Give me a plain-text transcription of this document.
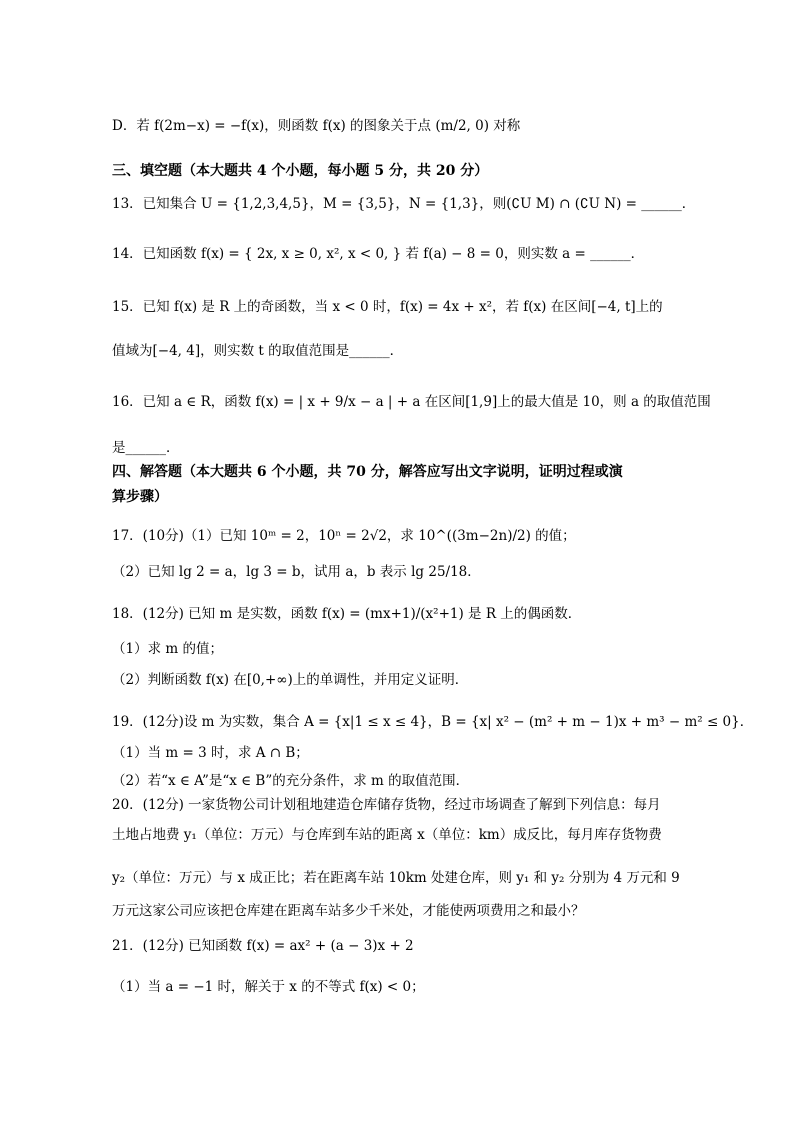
D．若 f(2m−x) = −f(x)，则函数 f(x) 的图象关于点 (m/2, 0) 对称
三、填空题（本大题共 4 个小题，每小题 5 分，共 20 分）
13．已知集合 U = {1,2,3,4,5}，M = {3,5}，N = {1,3}，则(∁U M) ∩ (∁U N) = ______．
14．已知函数 f(x) = { 2x, x ≥ 0, x², x < 0, } 若 f(a) − 8 = 0，则实数 a = ______．
15．已知 f(x) 是 R 上的奇函数，当 x < 0 时，f(x) = 4x + x²，若 f(x) 在区间[−4, t]上的
值域为[−4, 4]，则实数 t 的取值范围是______．
16．已知 a ∈ R，函数 f(x) = | x + 9/x − a | + a 在区间[1,9]上的最大值是 10，则 a 的取值范围
是______．
四、解答题（本大题共 6 个小题，共 70 分，解答应写出文字说明，证明过程或演
算步骤）
17．(10分)（1）已知 10ᵐ = 2，10ⁿ = 2√2，求 10^((3m−2n)/2) 的值；
（2）已知 lg 2 = a，lg 3 = b，试用 a，b 表示 lg 25/18．
18．(12分) 已知 m 是实数，函数 f(x) = (mx+1)/(x²+1) 是 R 上的偶函数．
（1）求 m 的值；
（2）判断函数 f(x) 在[0,+∞)上的单调性，并用定义证明．
19．(12分)设 m 为实数，集合 A = {x|1 ≤ x ≤ 4}，B = {x| x² − (m² + m − 1)x + m³ − m² ≤ 0}．
（1）当 m = 3 时，求 A ∩ B；
（2）若“x ∈ A”是“x ∈ B”的充分条件，求 m 的取值范围．
20．(12分) 一家货物公司计划租地建造仓库储存货物，经过市场调查了解到下列信息：每月
土地占地费 y₁（单位：万元）与仓库到车站的距离 x（单位：km）成反比，每月库存货物费
y₂（单位：万元）与 x 成正比；若在距离车站 10km 处建仓库，则 y₁ 和 y₂ 分别为 4 万元和 9
万元这家公司应该把仓库建在距离车站多少千米处，才能使两项费用之和最小？
21．(12分) 已知函数 f(x) = ax² + (a − 3)x + 2
（1）当 a = −1 时，解关于 x 的不等式 f(x) < 0；
